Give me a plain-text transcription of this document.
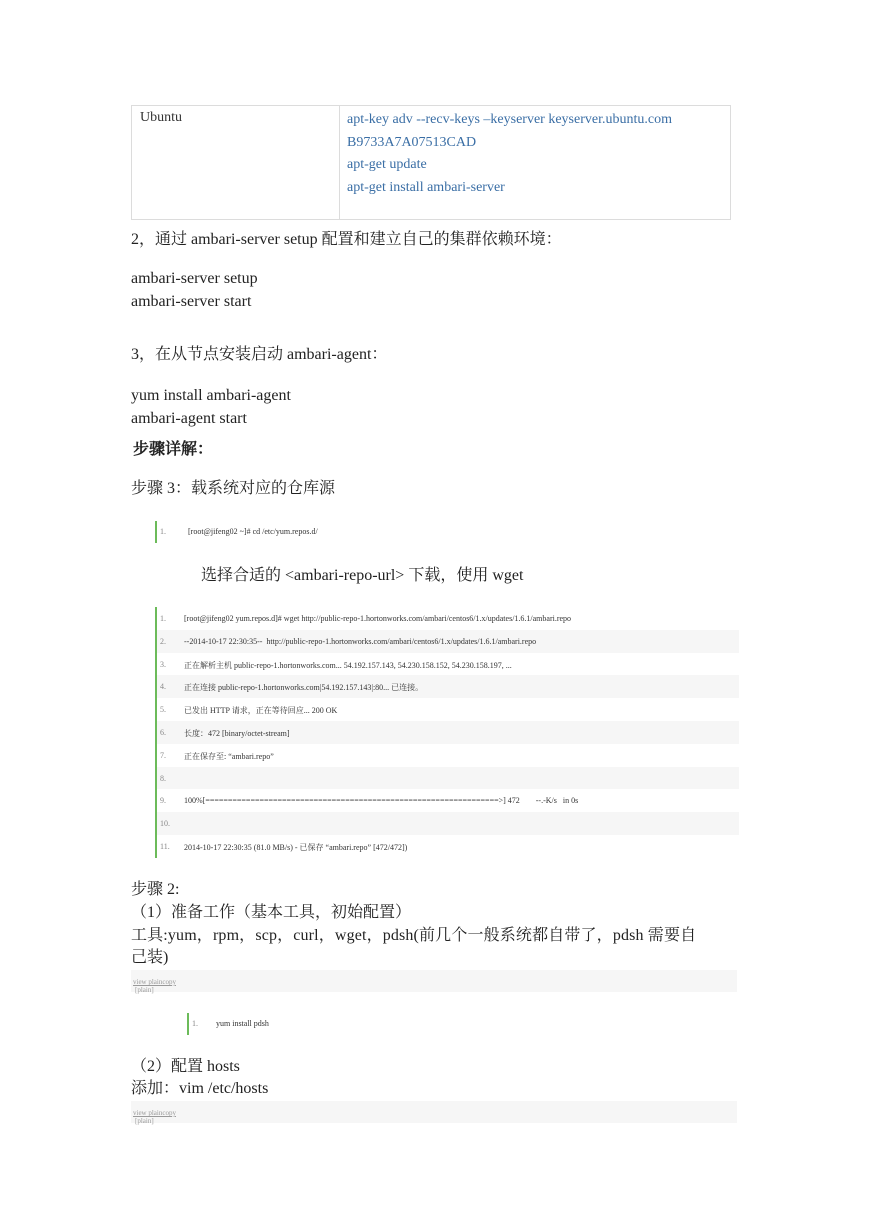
Ubuntu	apt-key adv --recv-keys –keyserver keyserver.ubuntu.com
B9733A7A07513CAD
apt-get update
apt-get install ambari-server
2，通过 ambari-server setup 配置和建立自己的集群依赖环境：
ambari-server setup
ambari-server start
3，在从节点安装启动 ambari-agent：
yum install ambari-agent
ambari-agent start
步骤详解：
步骤 3：载系统对应的仓库源
1.	[root@jifeng02 ~]# cd /etc/yum.repos.d/
选择合适的 <ambari-repo-url> 下载，使用 wget
1. [root@jifeng02 yum.repos.d]# wget http://public-repo-1.hortonworks.com/ambari/centos6/1.x/updates/1.6.1/ambari.repo
2. --2014-10-17 22:30:35--  http://public-repo-1.hortonworks.com/ambari/centos6/1.x/updates/1.6.1/ambari.repo
3. 正在解析主机 public-repo-1.hortonworks.com... 54.192.157.143, 54.230.158.152, 54.230.158.197, ...
4. 正在连接 public-repo-1.hortonworks.com|54.192.157.143|:80... 已连接。
5. 已发出 HTTP 请求，正在等待回应... 200 OK
6. 长度：472 [binary/octet-stream]
7. 正在保存至: “ambari.repo”
8.
9. 100%[=================================================================>] 472        --.-K/s   in 0s
10.
11. 2014-10-17 22:30:35 (81.0 MB/s) - 已保存 “ambari.repo” [472/472])
步骤 2:
（1）准备工作（基本工具，初始配置）
工具:yum，rpm，scp，curl，wget，pdsh(前几个一般系统都自带了，pdsh 需要自
己装)
[plain]
view plaincopy
1. yum install pdsh
（2）配置 hosts
添加：vim /etc/hosts
[plain]
view plaincopy
